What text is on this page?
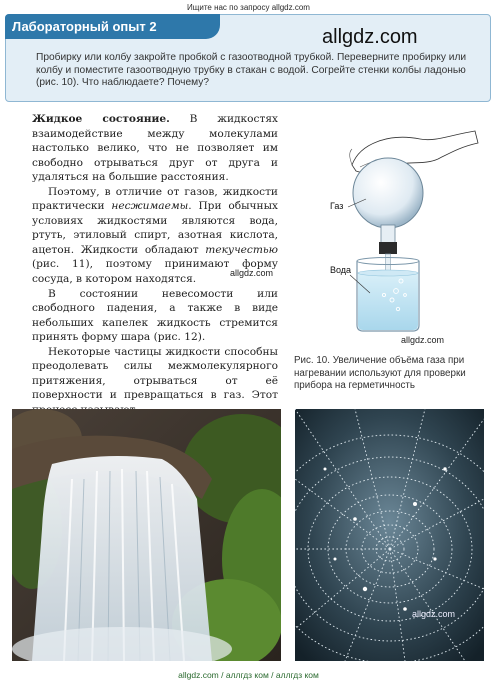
Ищите нас по запросу allgdz.com
Лабораторный опыт 2
Пробирку или колбу закройте пробкой с газоотводной трубкой. Переверните пробирку или колбу и поместите газоотводную трубку в стакан с водой. Согрейте стенки колбы ладонью (рис. 10). Что наблюдаете? Почему?
allgdz.com

Жидкое состояние. В жидкостях взаимодействие между молекулами настолько велико, что не позволяет им свободно отрываться друг от друга и удаляться на большие расстояния.

Поэтому, в отличие от газов, жидкости практически несжимаемы. При обычных условиях жидкостями являются вода, ртуть, этиловый спирт, азотная кислота, ацетон. Жидкости обладают текучестью (рис. 11), поэтому принимают форму сосуда, в котором находятся.

В состоянии невесомости или свободного падения, а также в виде небольших капелек жидкость стремится принять форму шара (рис. 12).

Некоторые частицы жидкости способны преодолевать силы межмолекулярного притяжения, отрываться от её поверхности и превращаться в газ. Этот

allgdz.com
Газ
Вода
allgdz.com
Рис. 10. Увеличение объёма газа при нагревании используют для проверки прибора на герметичность
allgdz.com
allgdz.com / аллгдз ком / аллгдз ком
